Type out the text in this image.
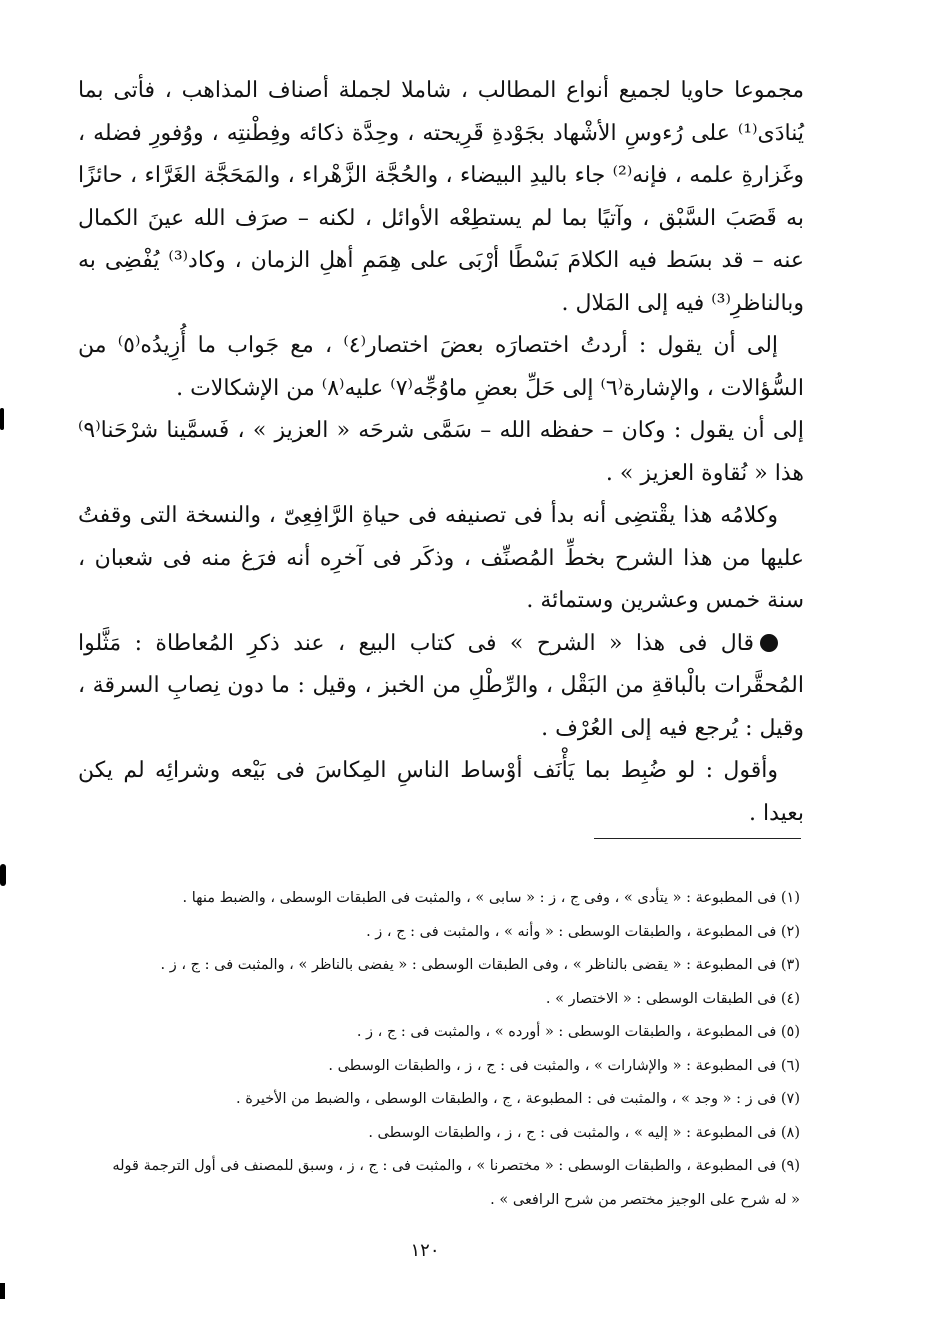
مجموعا حاويا لجميع أنواع المطالب ، شاملا لجملة أصناف المذاهب ، فأتى بما يُنادَى⁽¹⁾ على رُءوسِ الأشْهاد بجَوْدةِ قَرِيحته ، وحِدَّة ذكائه وفِطْنتِه ، ووُفورِ فضله ، وغَزارةِ علمه ، فإنه⁽²⁾ جاء باليدِ البيضاء ، والحُجَّة الزَّهْراء ، والمَحَجَّة الغَرَّاء ، حائزًا به قَصَبَ السَّبْق ، وآتيًا بما لم يستطِعْه الأوائل ، لكنه – صرَف الله عينَ الكمال عنه – قد بسَط فيه الكلامَ بَسْطًا أرْبَى على هِمَمِ أهلِ الزمان ، وكاد⁽³⁾ يُفْضِى به وبالناظرِ⁽³⁾ فيه إلى المَلال .

إلى أن يقول : أردتُ اختصارَه بعضَ اختصار⁽٤⁾ ، مع جَواب ما أُزِيدُه⁽٥⁾ من السُّؤالات ، والإشارة⁽٦⁾ إلى حَلِّ بعضِ ماوُجِّه⁽٧⁾ عليه⁽٨⁾ من الإشكالات .

إلى أن يقول : وكان – حفظه الله – سَمَّى شرحَه « العزيز » ، فَسمَّينا شرْحَنا⁽٩⁾ هذا « نُقاوة العزيز » .

وكلامُه هذا يقْتضِى أنه بدأ فى تصنيفه فى حياةِ الرَّافِعِىّ ، والنسخة التى وقفتُ عليها من هذا الشرح بخطِّ المُصنِّف ، وذكَر فى آخرِه أنه فرَغ منه فى شعبان ، سنة خمس وعشرين وستمائة .

قال فى هذا « الشرح » فى كتاب البيع ، عند ذكرِ المُعاطاة : مَثَّلوا المُحقَّرات بالْباقةِ من البَقْل ، والرِّطْلِ من الخبز ، وقيل : ما دون نِصابِ السرقة ، وقيل : يُرجع فيه إلى العُرْف .

وأقول : لو ضُبِط بما يَأْنَف أوْساط الناسِ المِكاسَ فى بَيْعه وشرائِه لم يكن بعيدا .

(١) فى المطبوعة : « يتأدى » ، وفى ج ، ز : « سابى » ، والمثبت فى الطبقات الوسطى ، والضبط منها .

(٢) فى المطبوعة ، والطبقات الوسطى : « وأنه » ، والمثبت فى : ج ، ز .

(٣) فى المطبوعة : « يقضى بالناظر » ، وفى الطبقات الوسطى : « يفضى بالناظر » ، والمثبت فى : ج ، ز .

(٤) فى الطبقات الوسطى : « الاختصار » .

(٥) فى المطبوعة ، والطبقات الوسطى : « أورده » ، والمثبت فى : ج ، ز .

(٦) فى المطبوعة : « والإشارات » ، والمثبت فى : ج ، ز ، والطبقات الوسطى .

(٧) فى ز : « وجد » ، والمثبت فى : المطبوعة ، ج ، والطبقات الوسطى ، والضبط من الأخيرة .

(٨) فى المطبوعة : « إليه » ، والمثبت فى : ج ، ز ، والطبقات الوسطى .

(٩) فى المطبوعة ، والطبقات الوسطى : « مختصرنا » ، والمثبت فى : ج ، ز ، وسبق للمصنف فى أول الترجمة قوله

« له شرح على الوجيز مختصر من شرح الرافعى » .

١٢٠
